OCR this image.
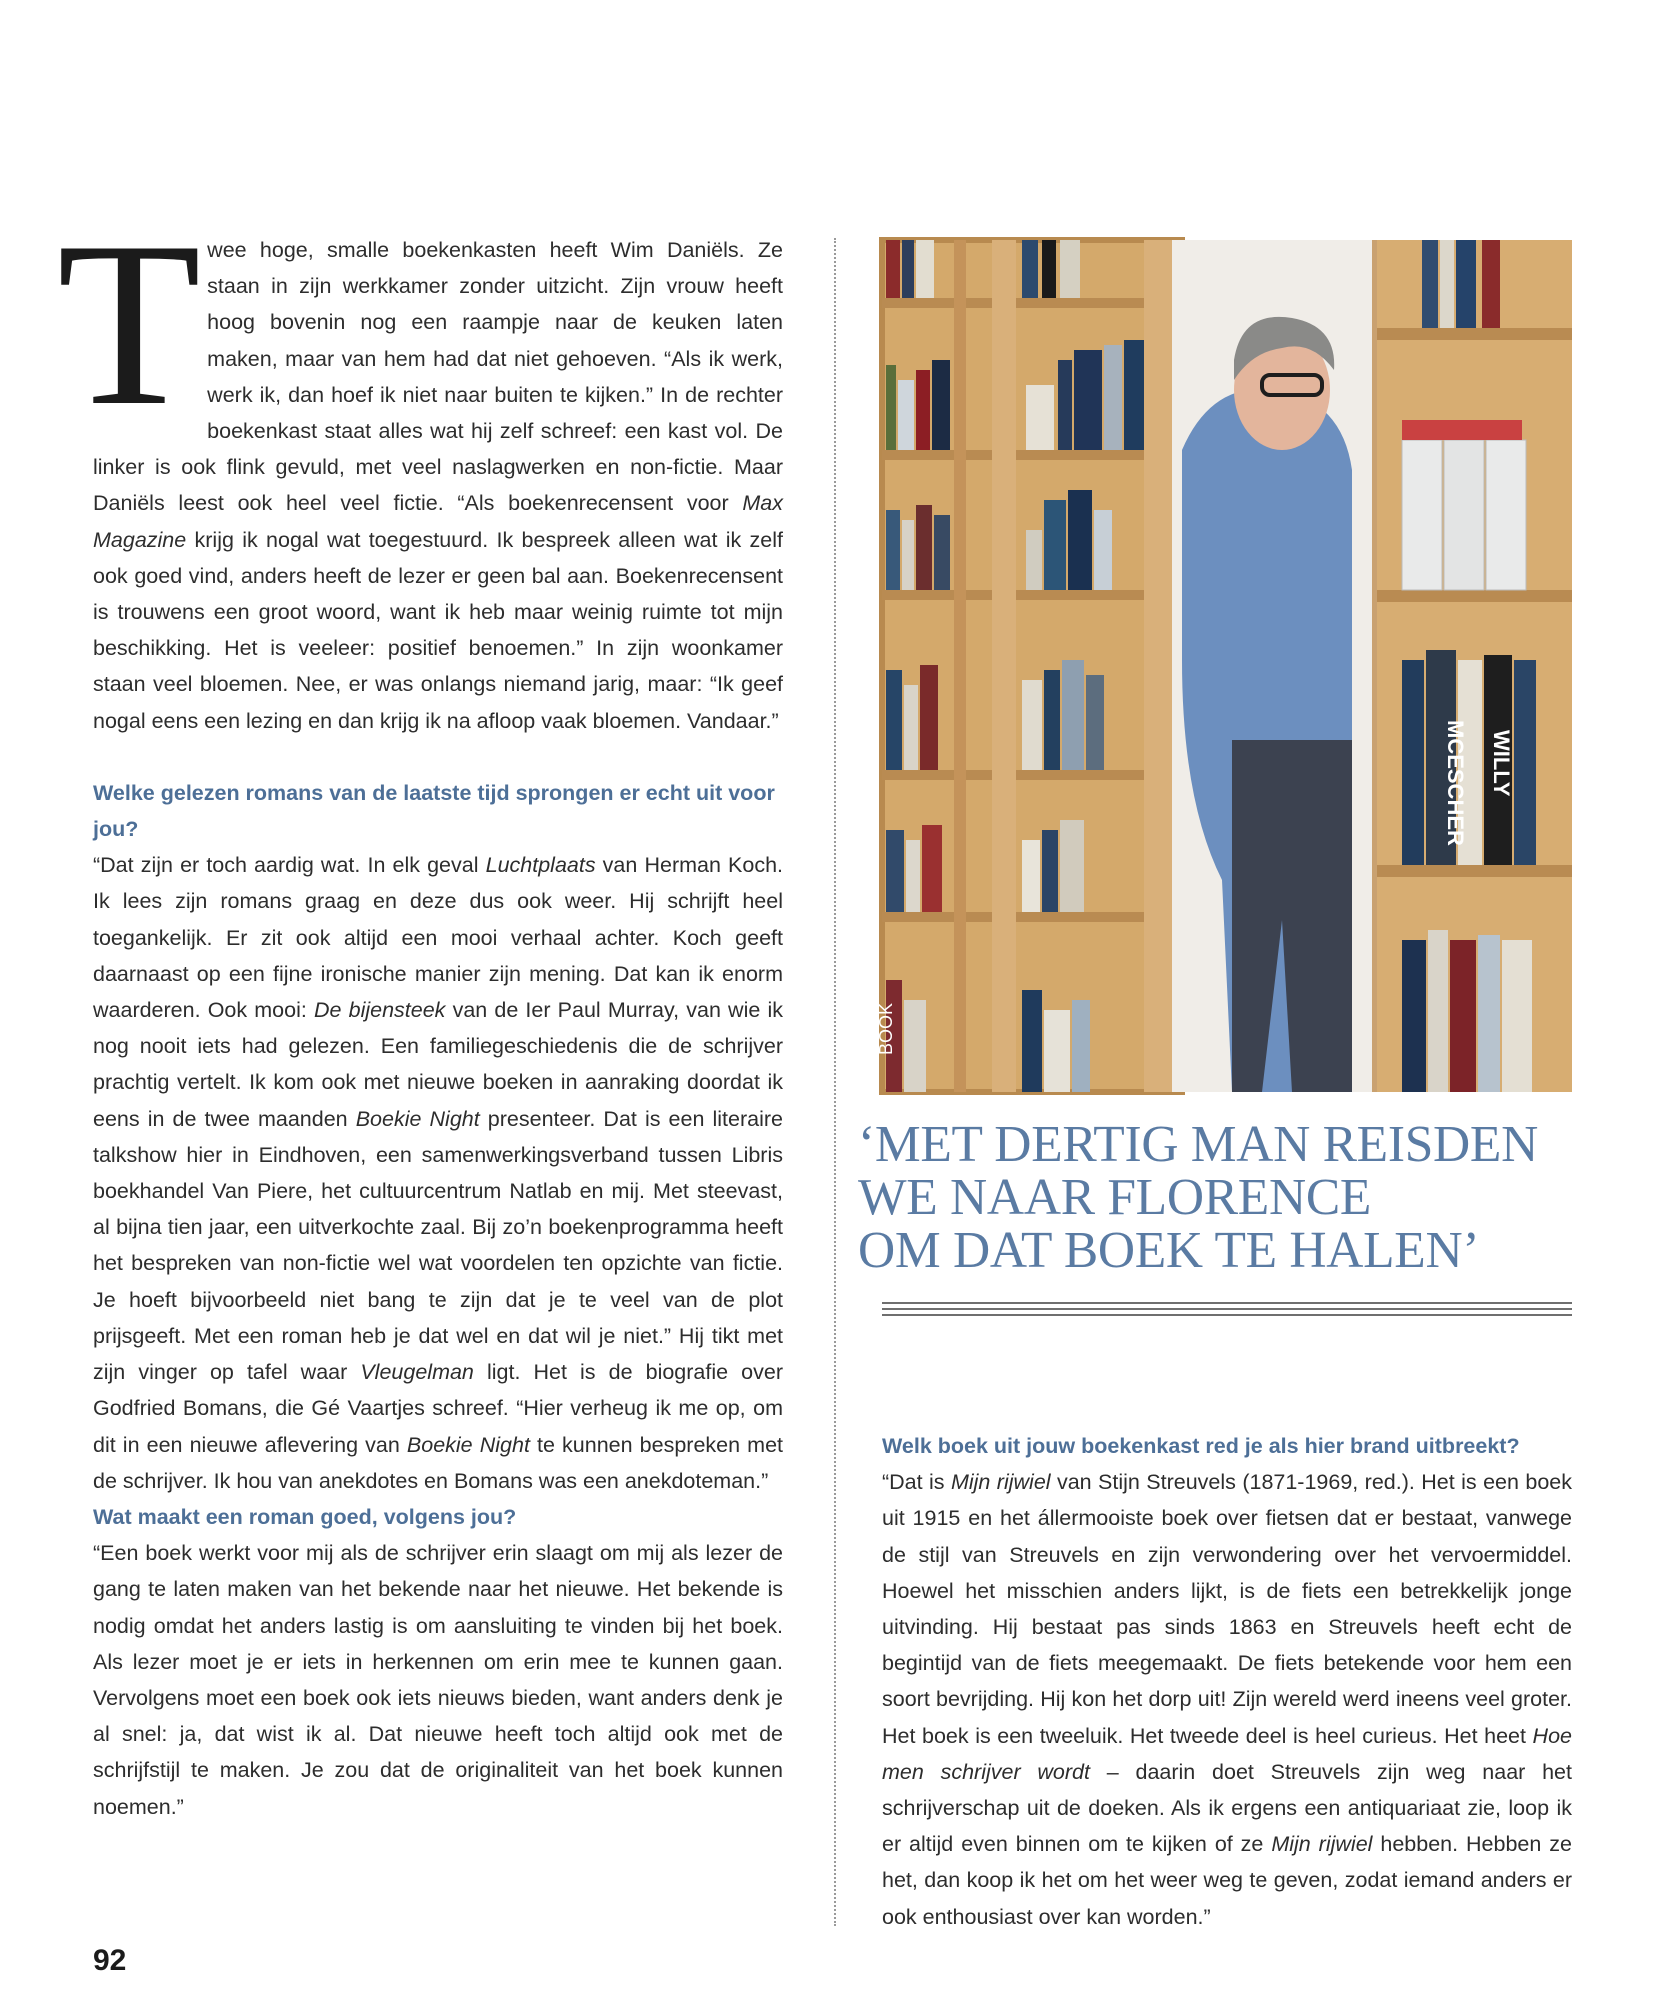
Twee hoge, smalle boekenkasten heeft Wim Daniëls. Ze staan in zijn werkkamer zonder uitzicht. Zijn vrouw heeft hoog bovenin nog een raampje naar de keuken laten maken, maar van hem had dat niet gehoeven. “Als ik werk, werk ik, dan hoef ik niet naar buiten te kijken.” In de rechter boekenkast staat alles wat hij zelf schreef: een kast vol. De linker is ook flink gevuld, met veel naslagwerken en non-fictie. Maar Daniëls leest ook heel veel fictie. “Als boekenrecensent voor Max Magazine krijg ik nogal wat toegestuurd. Ik bespreek alleen wat ik zelf ook goed vind, anders heeft de lezer er geen bal aan. Boekenrecensent is trouwens een groot woord, want ik heb maar weinig ruimte tot mijn beschikking. Het is veeleer: positief benoemen.” In zijn woonkamer staan veel bloemen. Nee, er was onlangs niemand jarig, maar: “Ik geef nogal eens een lezing en dan krijg ik na afloop vaak bloemen. Vandaar.”

Welke gelezen romans van de laatste tijd sprongen er echt uit voor jou?

“Dat zijn er toch aardig wat. In elk geval Luchtplaats van Herman Koch. Ik lees zijn romans graag en deze dus ook weer. Hij schrijft heel toegankelijk. Er zit ook altijd een mooi verhaal achter. Koch geeft daarnaast op een fijne ironische manier zijn mening. Dat kan ik enorm waarderen. Ook mooi: De bijensteek van de Ier Paul Murray, van wie ik nog nooit iets had gelezen. Een familiegeschiedenis die de schrijver prachtig vertelt. Ik kom ook met nieuwe boeken in aanraking doordat ik eens in de twee maanden Boekie Night presenteer. Dat is een literaire talkshow hier in Eindhoven, een samenwerkingsverband tussen Libris boekhandel Van Piere, het cultuurcentrum Natlab en mij. Met steevast, al bijna tien jaar, een uitverkochte zaal. Bij zo’n boekenprogramma heeft het bespreken van non-fictie wel wat voordelen ten opzichte van fictie. Je hoeft bijvoorbeeld niet bang te zijn dat je te veel van de plot prijsgeeft. Met een roman heb je dat wel en dat wil je niet.” Hij tikt met zijn vinger op tafel waar Vleugelman ligt. Het is de biografie over Godfried Bomans, die Gé Vaartjes schreef. “Hier verheug ik me op, om dit in een nieuwe aflevering van Boekie Night te kunnen bespreken met de schrijver. Ik hou van anekdotes en Bomans was een anekdoteman.”

Wat maakt een roman goed, volgens jou?

“Een boek werkt voor mij als de schrijver erin slaagt om mij als lezer de gang te laten maken van het bekende naar het nieuwe. Het bekende is nodig omdat het anders lastig is om aansluiting te vinden bij het boek. Als lezer moet je er iets in herkennen om erin mee te kunnen gaan. Vervolgens moet een boek ook iets nieuws bieden, want anders denk je al snel: ja, dat wist ik al. Dat nieuwe heeft toch altijd ook met de schrijfstijl te maken. Je zou dat de originaliteit van het boek kunnen noemen.”

BOOK
MCESCHER WILLY
‘MET DERTIG MAN REISDEN
WE NAAR FLORENCE
OM DAT BOEK TE HALEN’

Welk boek uit jouw boekenkast red je als hier brand uitbreekt?

“Dat is Mijn rijwiel van Stijn Streuvels (1871-1969, red.). Het is een boek uit 1915 en het állermooiste boek over fietsen dat er bestaat, vanwege de stijl van Streuvels en zijn verwondering over het vervoermiddel. Hoewel het misschien anders lijkt, is de fiets een betrekkelijk jonge uitvinding. Hij bestaat pas sinds 1863 en Streuvels heeft echt de begintijd van de fiets meegemaakt. De fiets betekende voor hem een soort bevrijding. Hij kon het dorp uit! Zijn wereld werd ineens veel groter. Het boek is een tweeluik. Het tweede deel is heel curieus. Het heet Hoe men schrijver wordt – daarin doet Streuvels zijn weg naar het schrijverschap uit de doeken. Als ik ergens een antiquariaat zie, loop ik er altijd even binnen om te kijken of ze Mijn rijwiel hebben. Hebben ze het, dan koop ik het om het weer weg te geven, zodat iemand anders er ook enthousiast over kan worden.”

92
